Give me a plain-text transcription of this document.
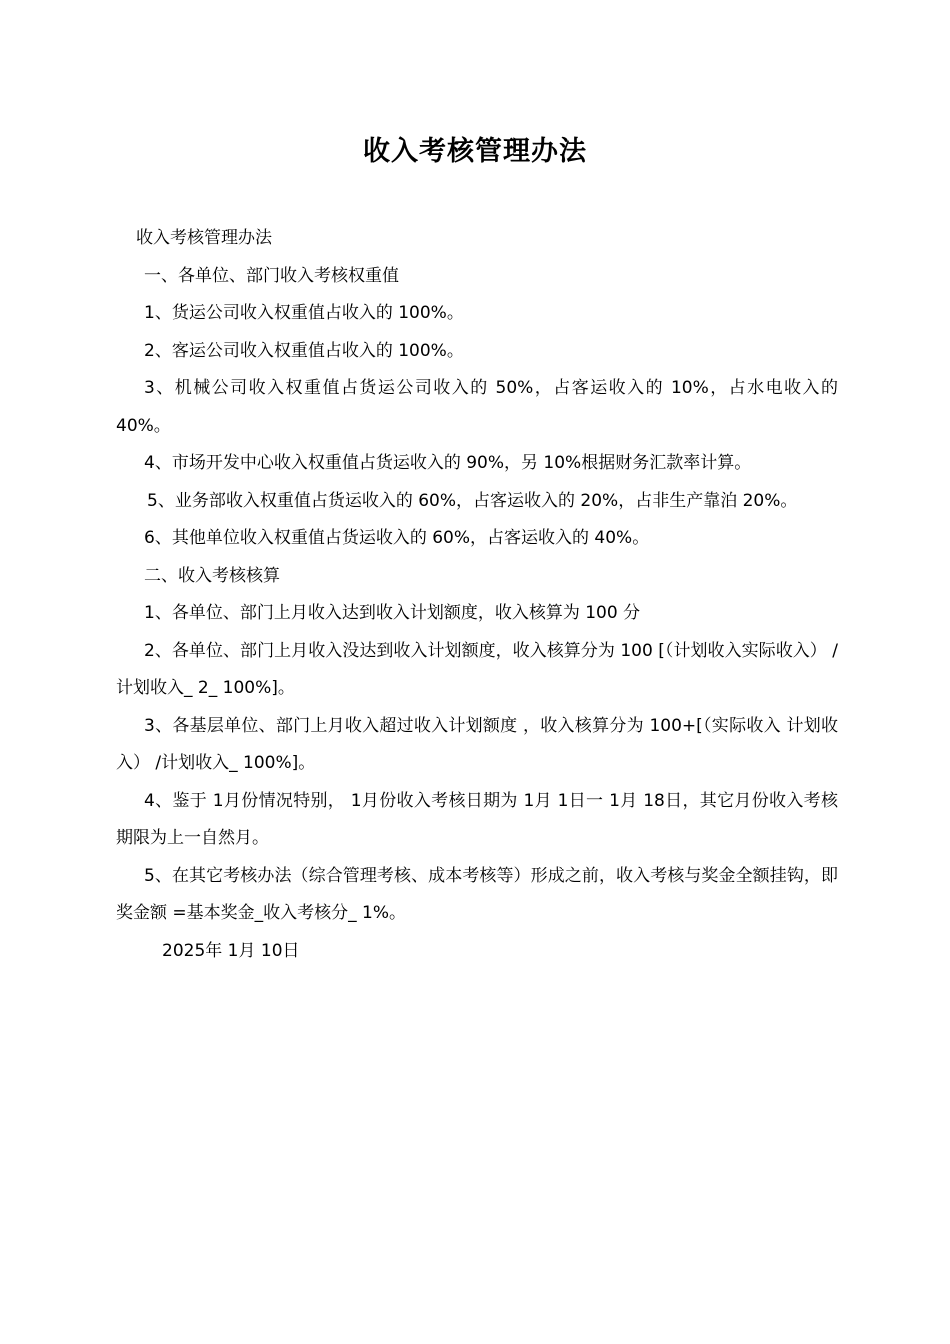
收入考核管理办法

收入考核管理办法

一、各单位、部门收入考核权重值

1、货运公司收入权重值占收入的 100%。

2、客运公司收入权重值占收入的 100%。

3、机械公司收入权重值占货运公司收入的 50%，占客运收入的 10%，占水电收入的 40%。

4、市场开发中心收入权重值占货运收入的 90%，另 10%根据财务汇款率计算。

5、业务部收入权重值占货运收入的 60%，占客运收入的 20%，占非生产靠泊 20%。

6、其他单位收入权重值占货运收入的 60%，占客运收入的 40%。

二、收入考核核算

1、各单位、部门上月收入达到收入计划额度，收入核算为 100 分

2、各单位、部门上月收入没达到收入计划额度，收入核算分为 100 [（计划收入实际收入） /计划收入_ 2_ 100%]。

3、各基层单位、部门上月收入超过收入计划额度 ，收入核算分为 100+[（实际收入 计划收入） /计划收入_ 100%]。

4、鉴于 1月份情况特别， 1月份收入考核日期为 1月 1日一 1月 18日，其它月份收入考核期限为上一自然月。

5、在其它考核办法（综合管理考核、成本考核等）形成之前，收入考核与奖金全额挂钩，即奖金额 =基本奖金_收入考核分_ 1%。

2025年 1月 10日
